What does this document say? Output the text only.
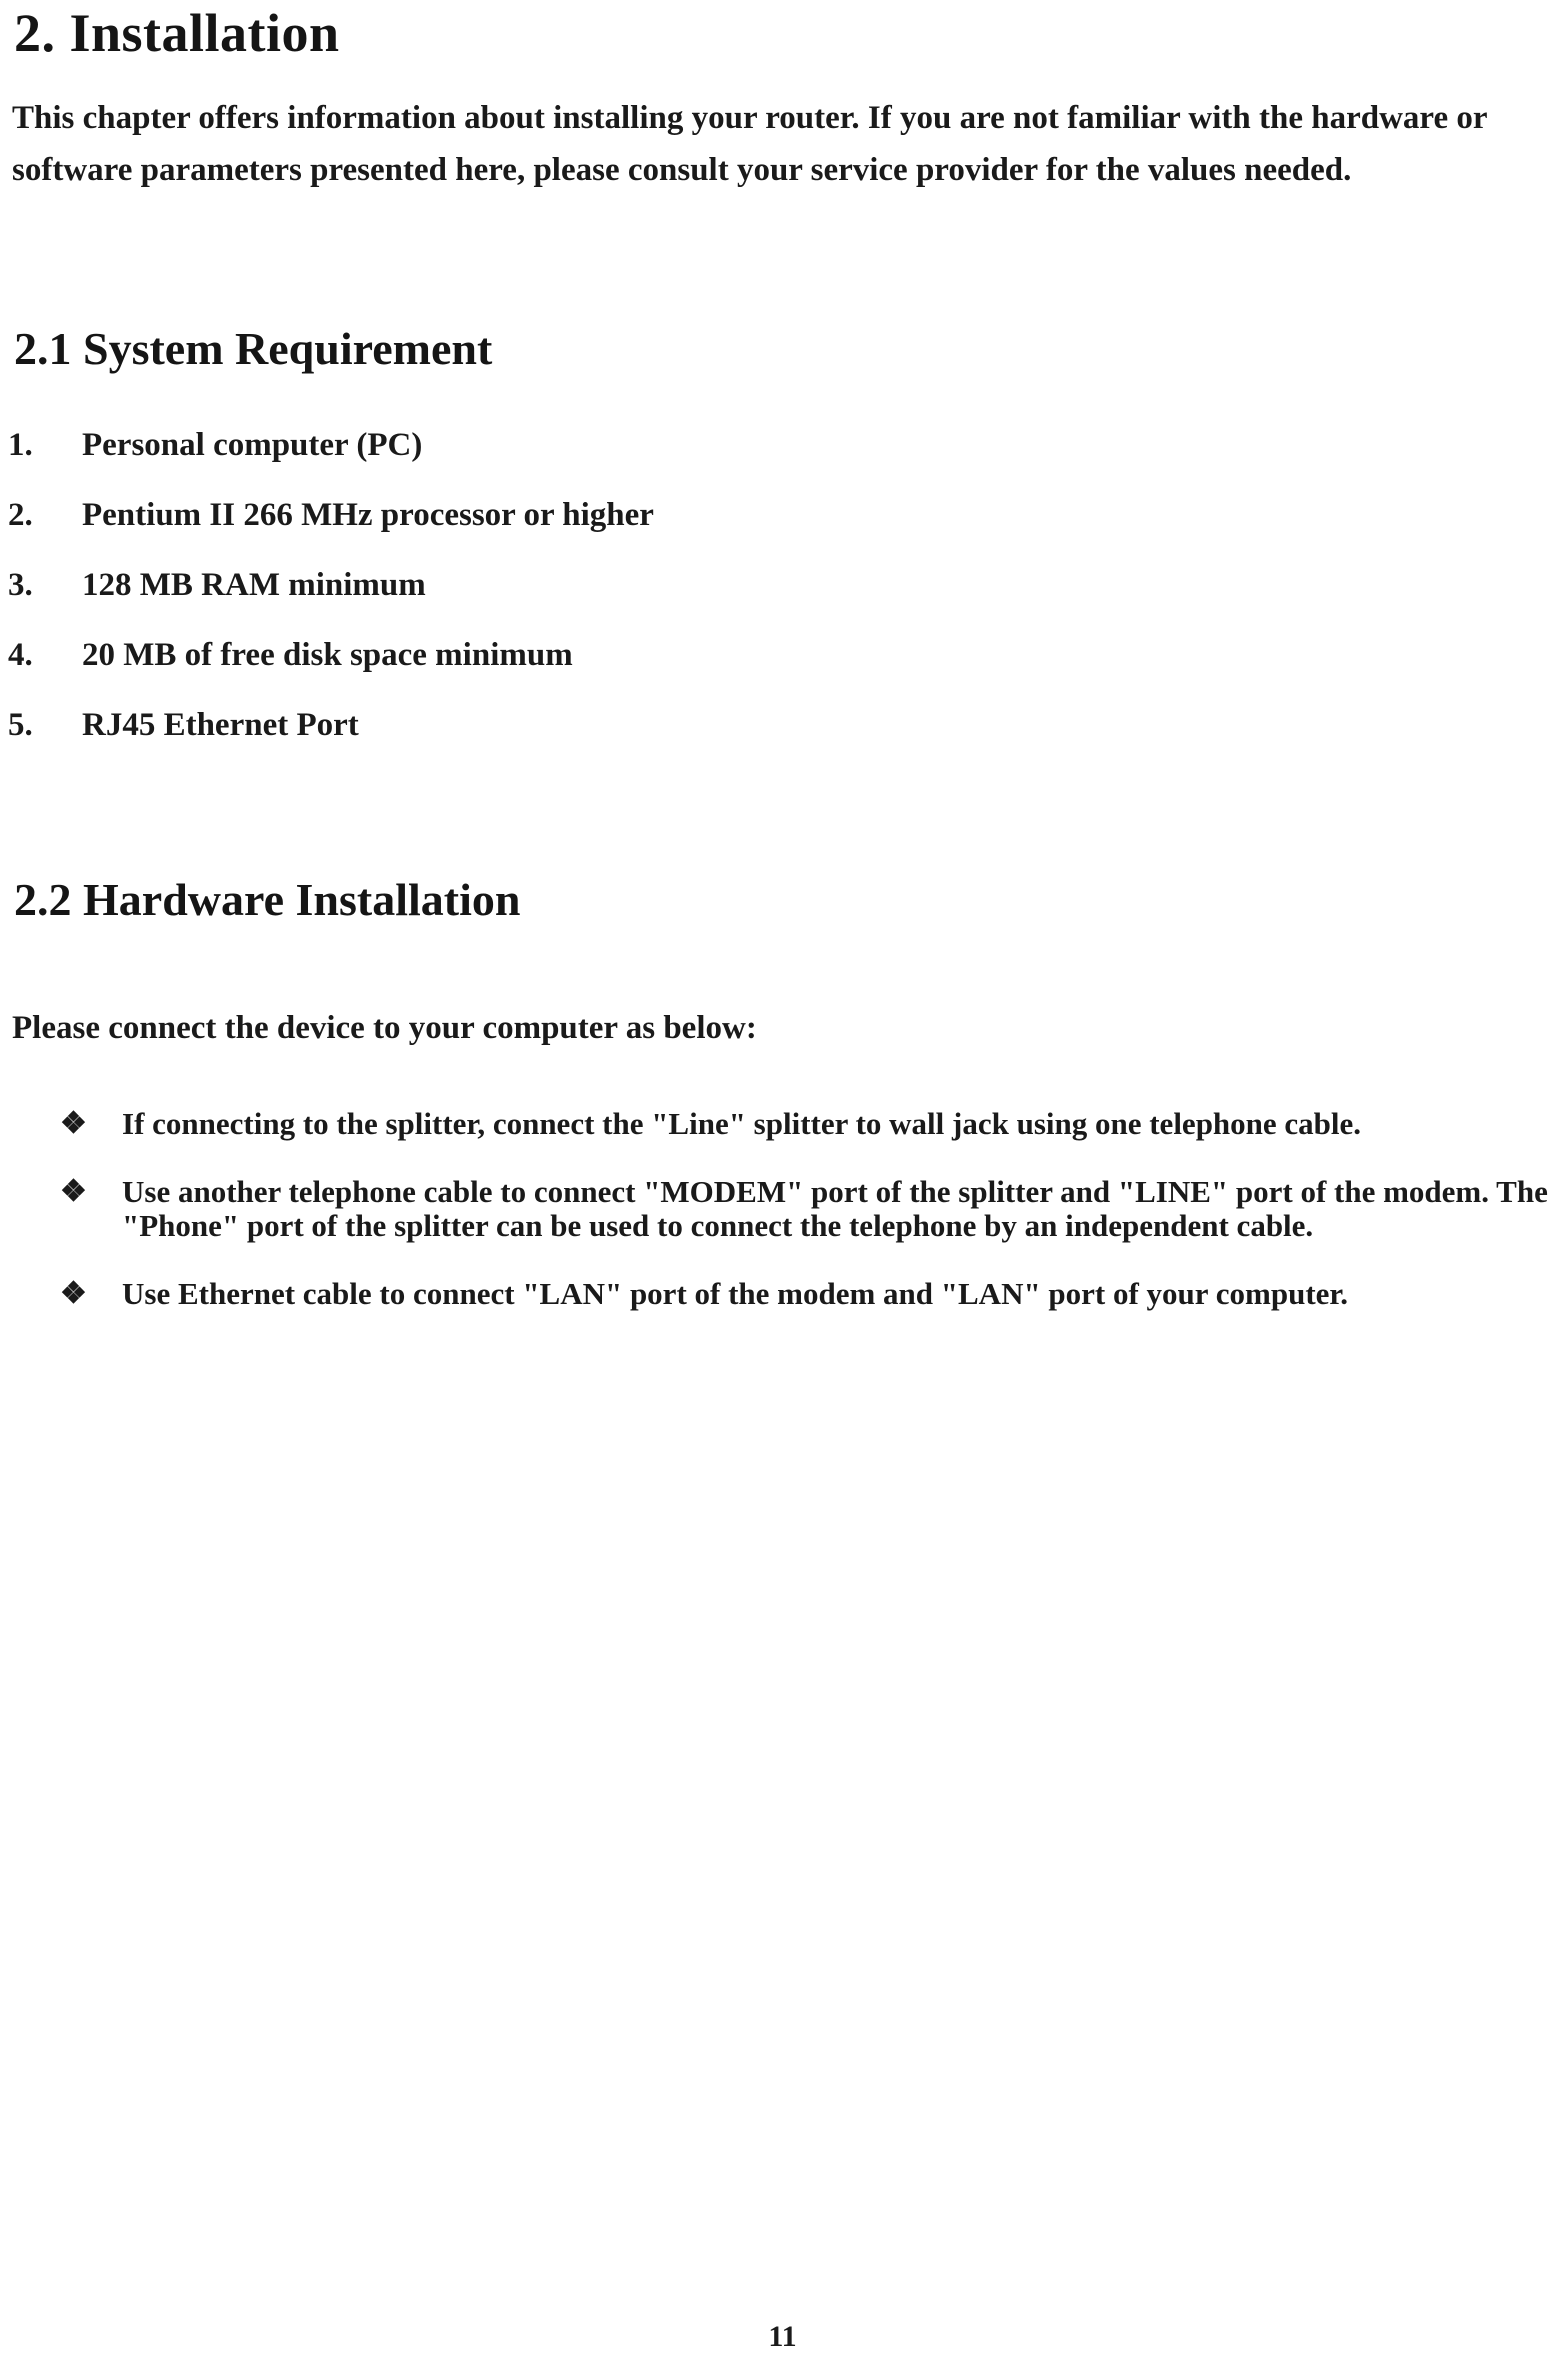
2. Installation

This chapter offers information about installing your router. If you are not familiar with the hardware or software parameters presented here, please consult your service provider for the values needed.

2.1 System Requirement
1.	Personal computer (PC)
2.	Pentium II 266 MHz processor or higher
3.	128 MB RAM minimum
4.	20 MB of free disk space minimum
5.	RJ45 Ethernet Port
2.2 Hardware Installation

Please connect the device to your computer as below:

❖ If connecting to the splitter, connect the "Line" splitter to wall jack using one telephone cable.
❖ Use another telephone cable to connect "MODEM" port of the splitter and "LINE" port of the modem. The "Phone" port of the splitter can be used to connect the telephone by an independent cable.
❖ Use Ethernet cable to connect "LAN" port of the modem and "LAN" port of your computer.
11
